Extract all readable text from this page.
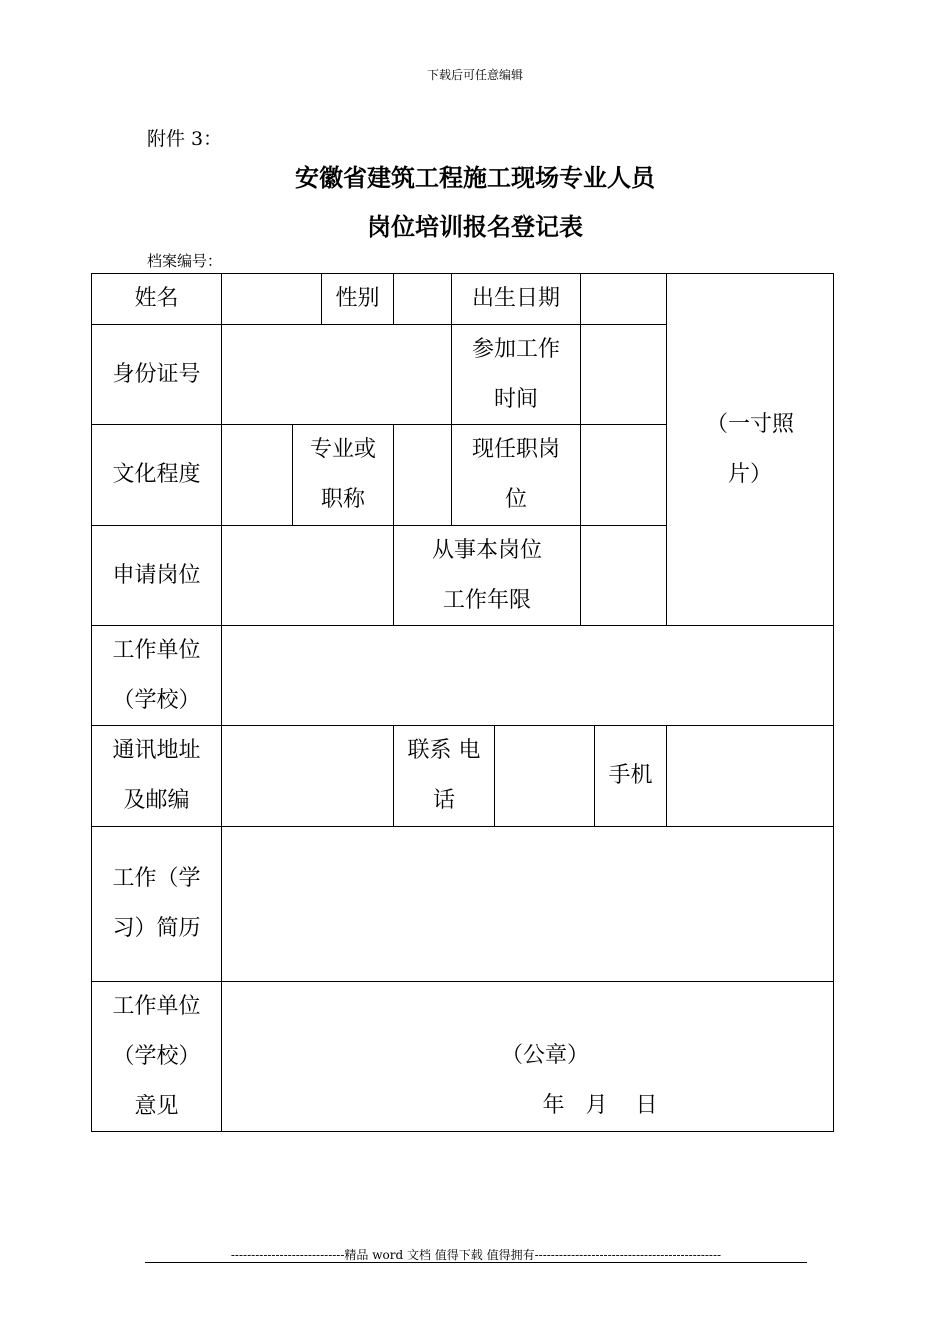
下载后可任意编辑
附件 3：
安徽省建筑工程施工现场专业人员
岗位培训报名登记表
档案编号：
姓名	性别	出生日期
（一寸照
片）
身份证号
参加工作
时间
文化程度
专业或
职称
现任职岗
位
申请岗位
从事本岗位
工作年限
工作单位
（学校）
通讯地址
及邮编
联系 电
话
手机
工作（学
习）简历
工作单位
（学校）
意见
（公章）
年   月    日
----------------------------精品 word 文档 值得下载 值得拥有----------------------------------------------
